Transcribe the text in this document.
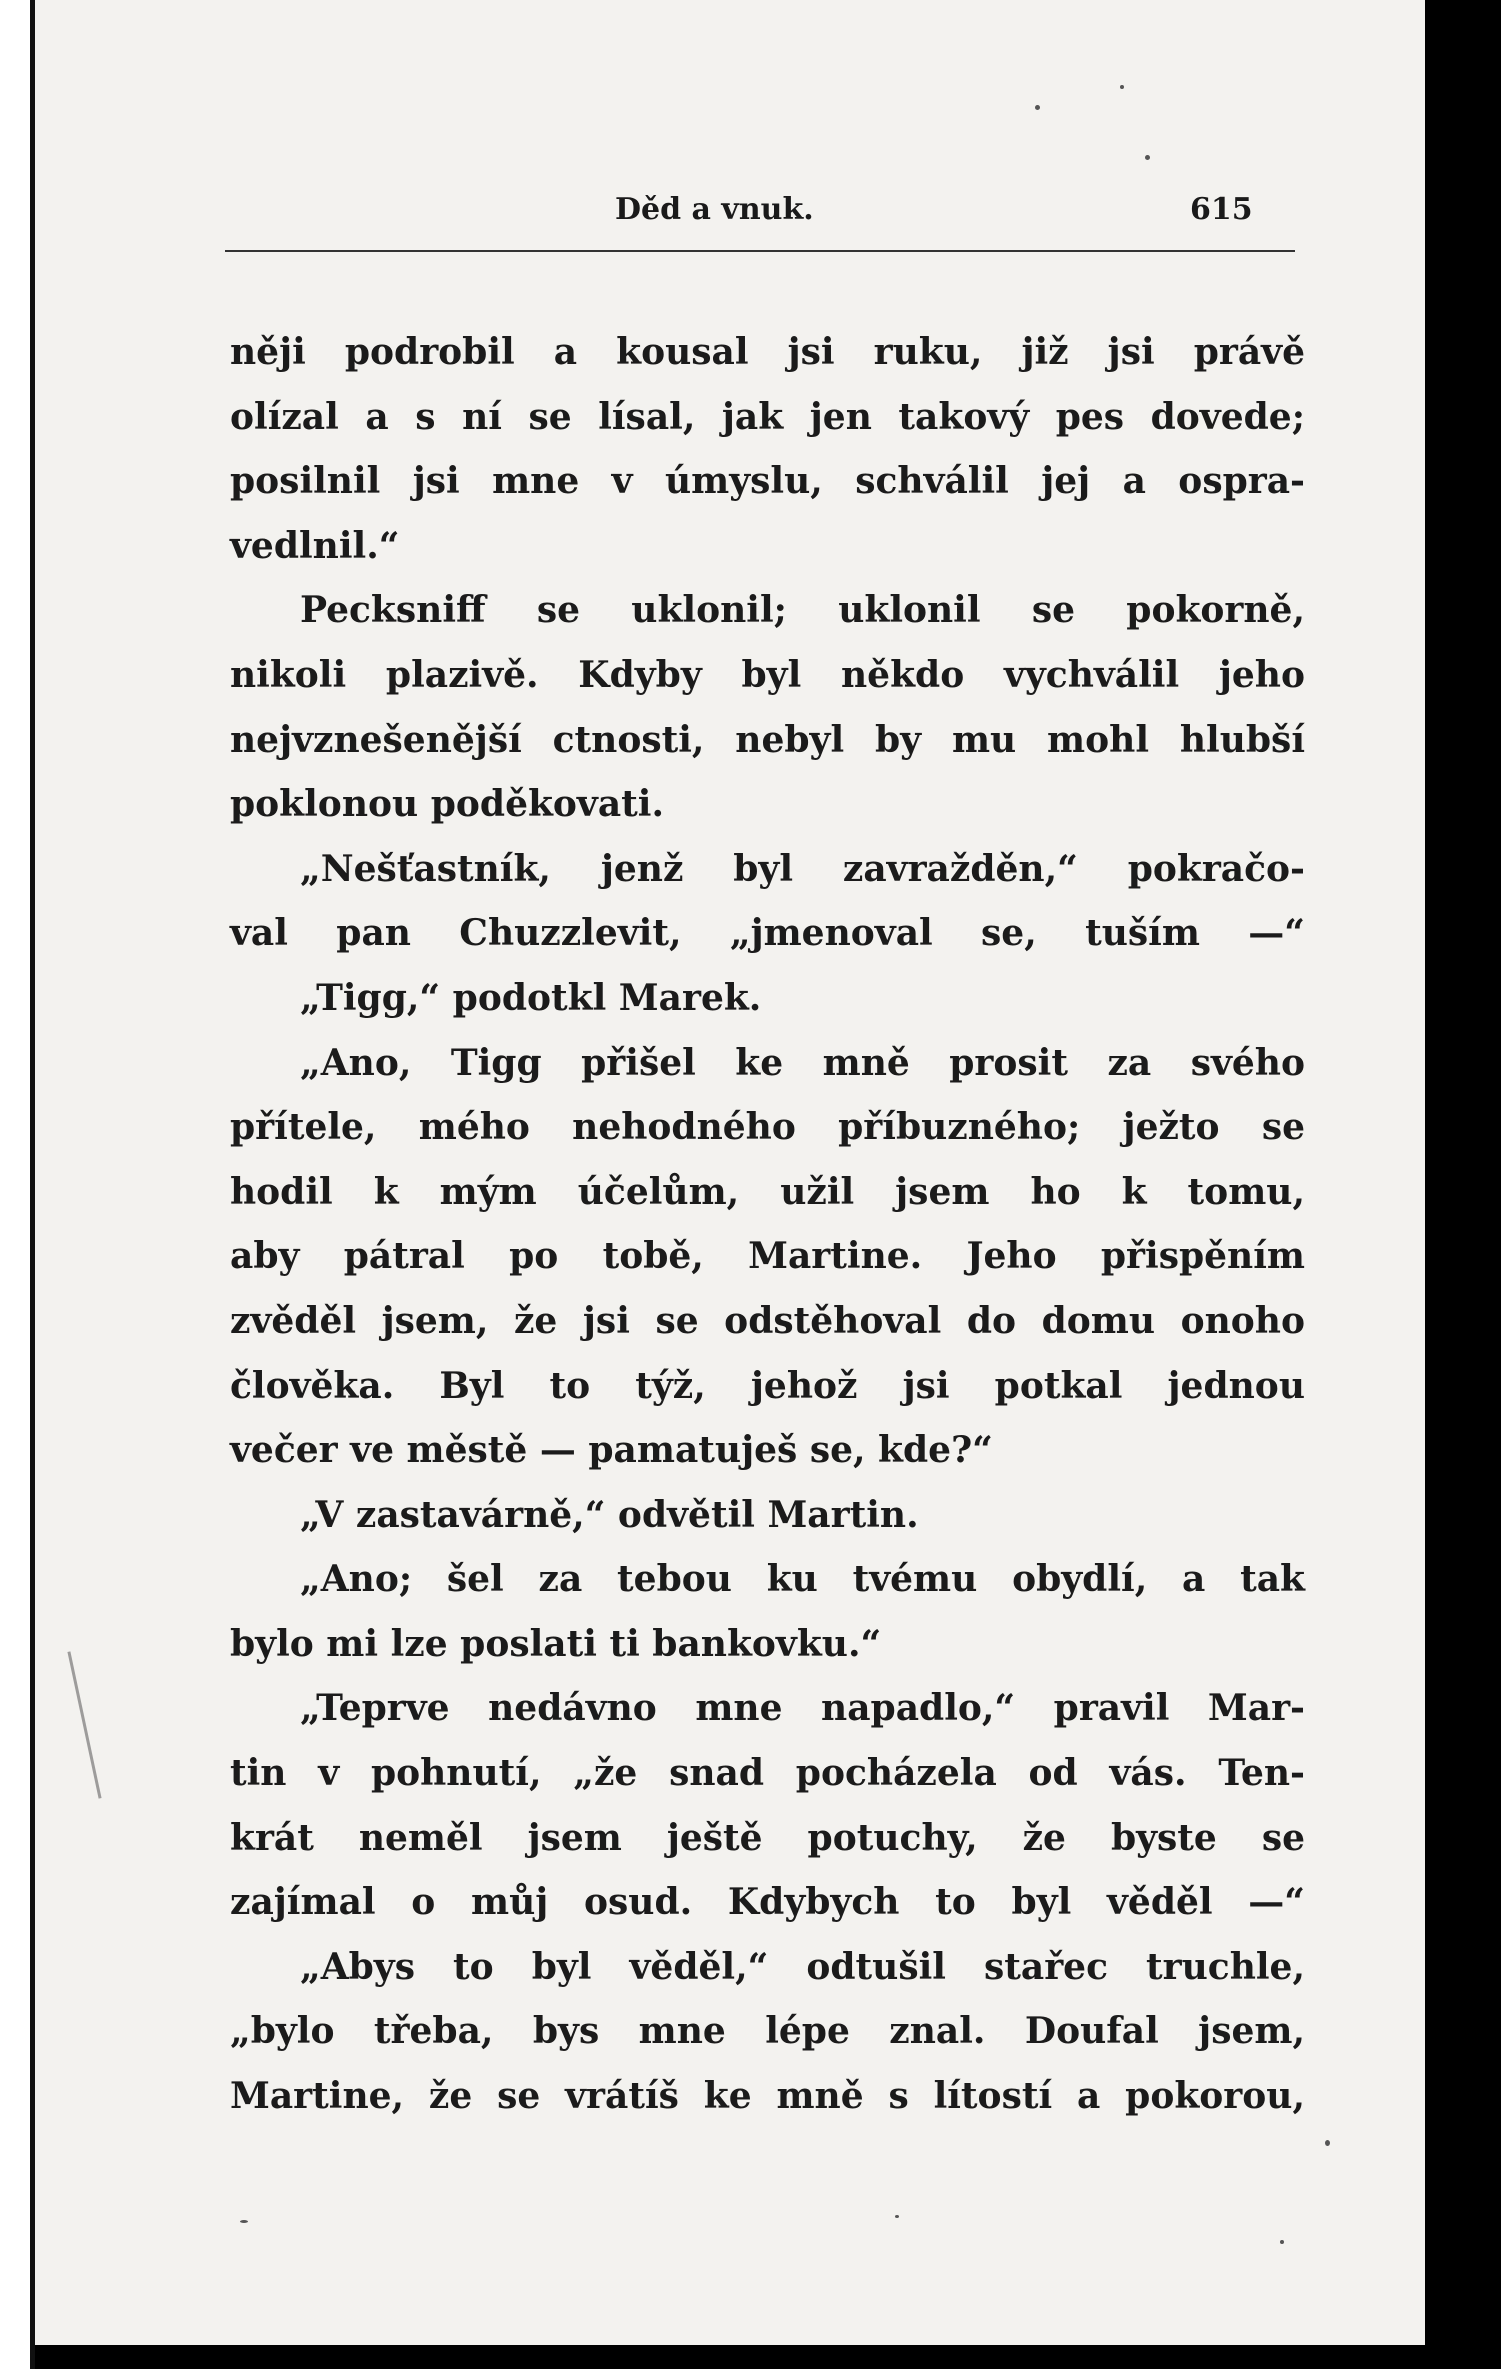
Děd a vnuk.	615
něji podrobil a kousal jsi ruku, již jsi právě
olízal a s ní se lísal, jak jen takový pes dovede;
posilnil jsi mne v úmyslu, schválil jej a ospra-
vedlnil.“
Pecksniff se uklonil; uklonil se pokorně,
nikoli plazivě. Kdyby byl někdo vychválil jeho
nejvznešenější ctnosti, nebyl by mu mohl hlubší
poklonou poděkovati.
„Nešťastník, jenž byl zavražděn,“ pokračo-
val pan Chuzzlevit, „jmenoval se, tuším —“
„Tigg,“ podotkl Marek.
„Ano, Tigg přišel ke mně prosit za svého
přítele, mého nehodného příbuzného; ježto se
hodil k mým účelům, užil jsem ho k tomu,
aby pátral po tobě, Martine. Jeho přispěním
zvěděl jsem, že jsi se odstěhoval do domu onoho
člověka. Byl to týž, jehož jsi potkal jednou
večer ve městě — pamatuješ se, kde?“
„V zastavárně,“ odvětil Martin.
„Ano; šel za tebou ku tvému obydlí, a tak
bylo mi lze poslati ti bankovku.“
„Teprve nedávno mne napadlo,“ pravil Mar-
tin v pohnutí, „že snad pocházela od vás. Ten-
krát neměl jsem ještě potuchy, že byste se
zajímal o můj osud. Kdybych to byl věděl —“
„Abys to byl věděl,“ odtušil stařec truchle,
„bylo třeba, bys mne lépe znal. Doufal jsem,
Martine, že se vrátíš ke mně s lítostí a pokorou,
